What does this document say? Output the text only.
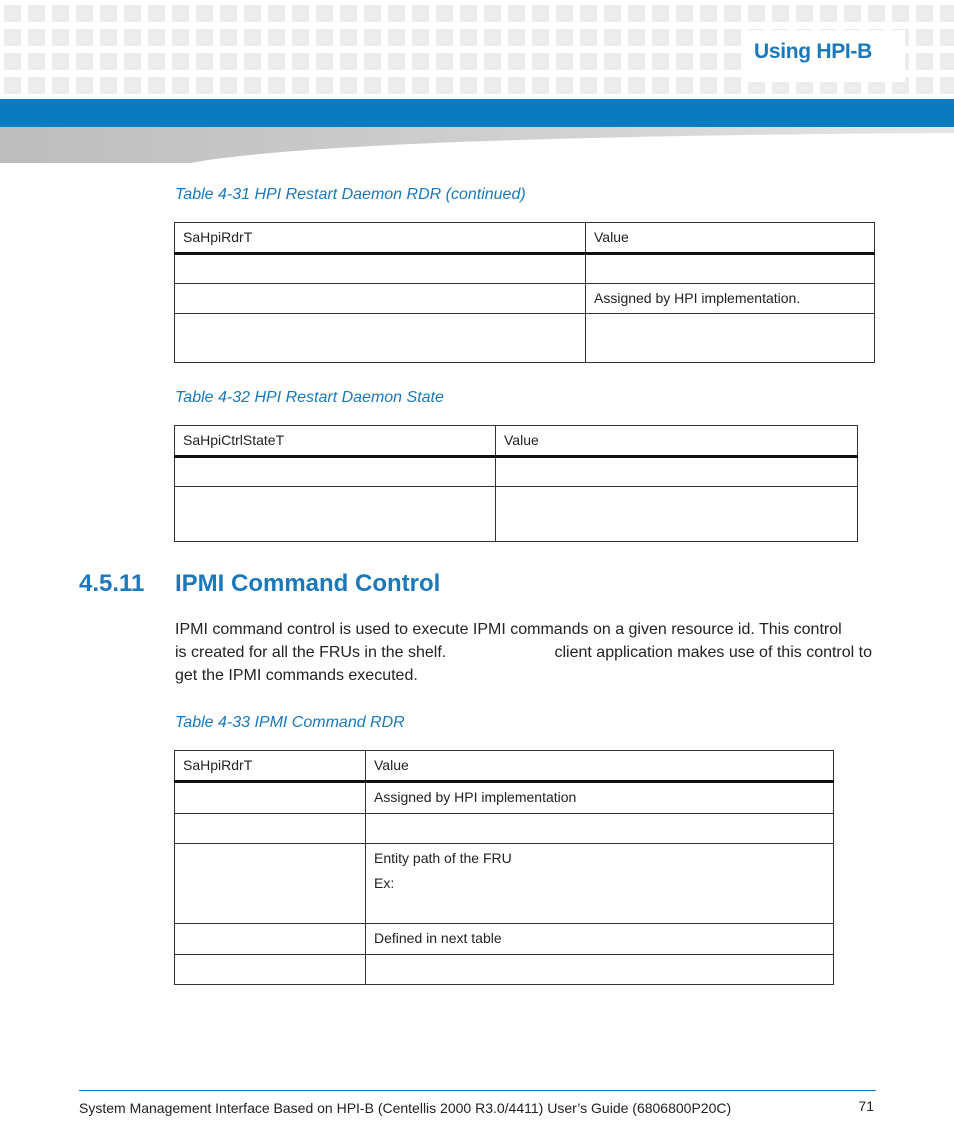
Using HPI-B
Table 4-31 HPI Restart Daemon RDR (continued)
SaHpiRdrT	Value

	Assigned by HPI implementation.

Table 4-32 HPI Restart Daemon State
SaHpiCtrlStateT	Value

4.5.11 IPMI Command Control

IPMI command control is used to execute IPMI commands on a given resource id. This control

is created for all the FRUs in the shelf.	client application makes use of this control to

get the IPMI commands executed.

Table 4-33 IPMI Command RDR
SaHpiRdrT	Value

	Assigned by HPI implementation

	Entity path of the FRU

Ex:

	Defined in next table

System Management Interface Based on HPI-B (Centellis 2000 R3.0/4411) User’s Guide (6806800P20C)	71
